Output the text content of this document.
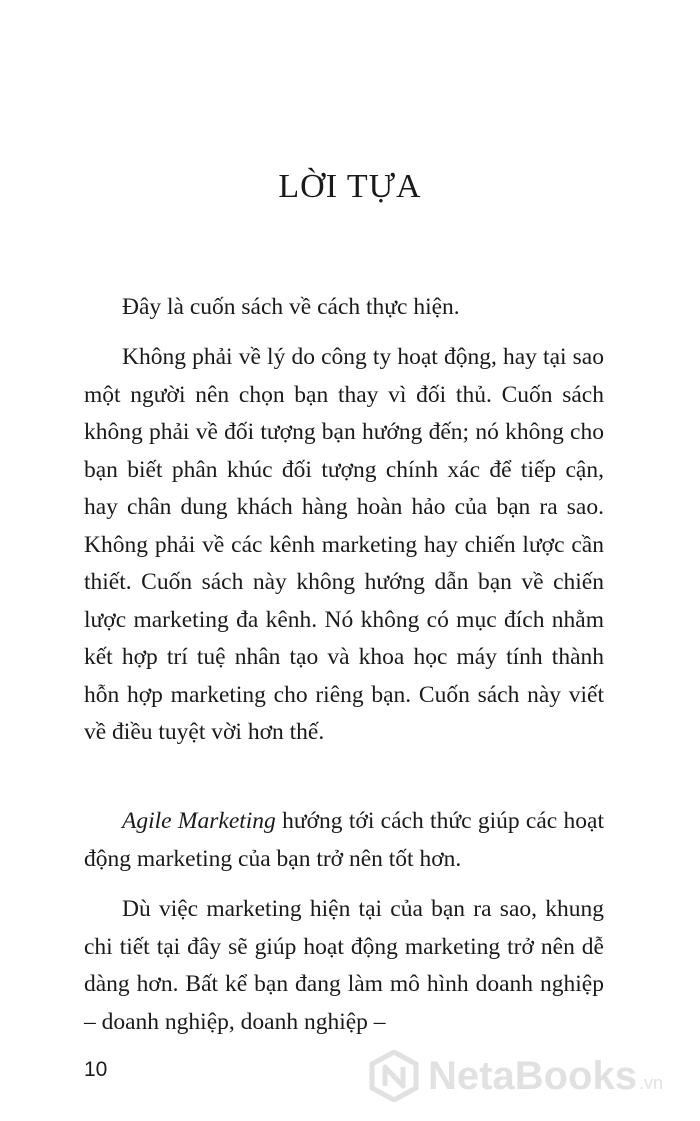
LỜI TỰA

Đây là cuốn sách về cách thực hiện.

Không phải về lý do công ty hoạt động, hay tại sao một người nên chọn bạn thay vì đối thủ. Cuốn sách không phải về đối tượng bạn hướng đến; nó không cho bạn biết phân khúc đối tượng chính xác để tiếp cận, hay chân dung khách hàng hoàn hảo của bạn ra sao. Không phải về các kênh marketing hay chiến lược cần thiết. Cuốn sách này không hướng dẫn bạn về chiến lược marketing đa kênh. Nó không có mục đích nhằm kết hợp trí tuệ nhân tạo và khoa học máy tính thành hỗn hợp marketing cho riêng bạn. Cuốn sách này viết về điều tuyệt vời hơn thế.

Agile Marketing hướng tới cách thức giúp các hoạt động marketing của bạn trở nên tốt hơn.

Dù việc marketing hiện tại của bạn ra sao, khung chi tiết tại đây sẽ giúp hoạt động marketing trở nên dễ dàng hơn. Bất kể bạn đang làm mô hình doanh nghiệp – doanh nghiệp, doanh nghiệp –

10	NetaBooks .vn
